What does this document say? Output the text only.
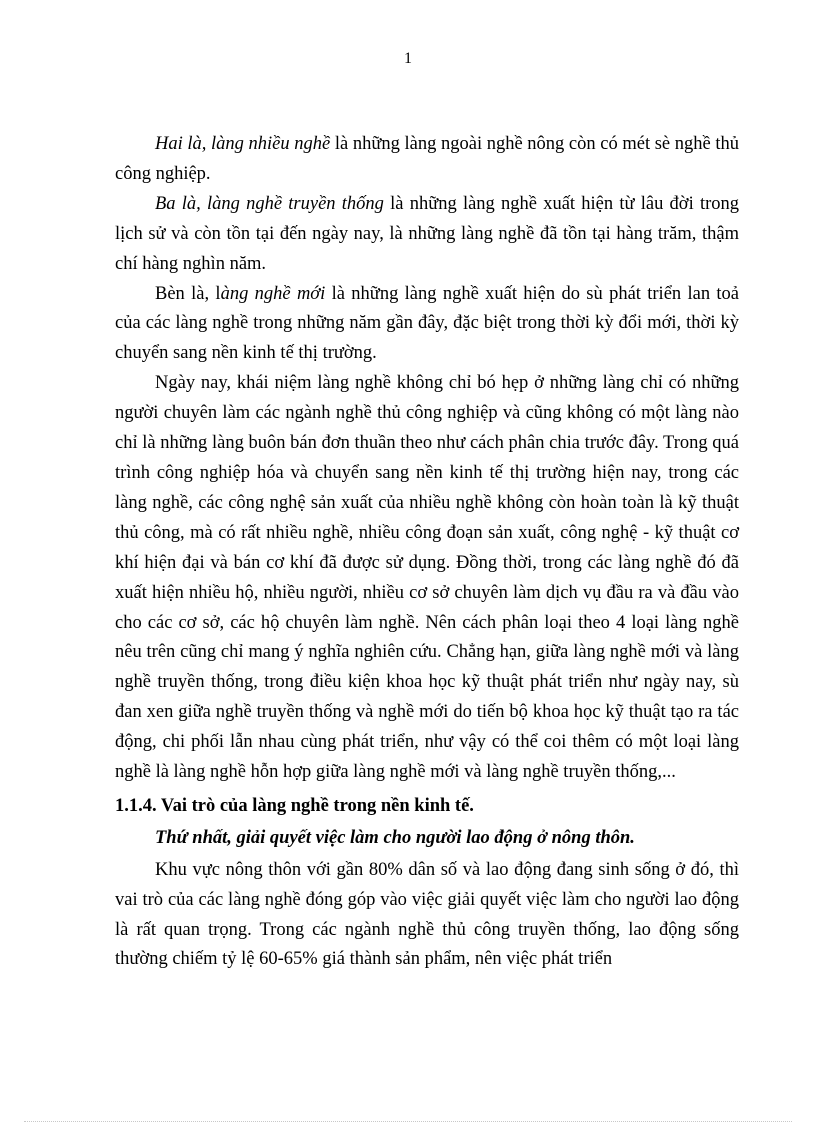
1

Hai là, làng nhiều nghề là những làng ngoài nghề nông còn có mét sè nghề thủ công nghiệp.

Ba là, làng nghề truyền thống là những làng nghề xuất hiện từ lâu đời trong lịch sử và còn tồn tại đến ngày nay, là những làng nghề đã tồn tại hàng trăm, thậm chí hàng nghìn năm.

Bèn là, làng nghề mới là những làng nghề xuất hiện do sù phát triển lan toả của các làng nghề trong những năm gần đây, đặc biệt trong thời kỳ đổi mới, thời kỳ chuyển sang nền kinh tế thị trường.

Ngày nay, khái niệm làng nghề không chỉ bó hẹp ở những làng chỉ có những người chuyên làm các ngành nghề thủ công nghiệp và cũng không có một làng nào chỉ là những làng buôn bán đơn thuần theo như cách phân chia trước đây. Trong quá trình công nghiệp hóa và chuyển sang nền kinh tế thị trường hiện nay, trong các làng nghề, các công nghệ sản xuất của nhiều nghề không còn hoàn toàn là kỹ thuật thủ công, mà có rất nhiều nghề, nhiều công đoạn sản xuất, công nghệ - kỹ thuật cơ khí hiện đại và bán cơ khí đã được sử dụng. Đồng thời, trong các làng nghề đó đã xuất hiện nhiều hộ, nhiều người, nhiều cơ sở chuyên làm dịch vụ đầu ra và đầu vào cho các cơ sở, các hộ chuyên làm nghề. Nên cách phân loại theo 4 loại làng nghề nêu trên cũng chỉ mang ý nghĩa nghiên cứu. Chẳng hạn, giữa làng nghề mới và làng nghề truyền thống, trong điều kiện khoa học kỹ thuật phát triển như ngày nay, sù đan xen giữa nghề truyền thống và nghề mới do tiến bộ khoa học kỹ thuật tạo ra tác động, chi phối lẫn nhau cùng phát triển, như vậy có thể coi thêm có một loại làng nghề là làng nghề hỗn hợp giữa làng nghề mới và làng nghề truyền thống,...

1.1.4. Vai trò của làng nghề trong nền kinh tế.

Thứ nhất, giải quyết việc làm cho người lao động ở nông thôn.

Khu vực nông thôn với gần 80% dân số và lao động đang sinh sống ở đó, thì vai trò của các làng nghề đóng góp vào việc giải quyết việc làm cho người lao động là rất quan trọng. Trong các ngành nghề thủ công truyền thống, lao động sống thường chiếm tỷ lệ 60-65% giá thành sản phẩm, nên việc phát triển
